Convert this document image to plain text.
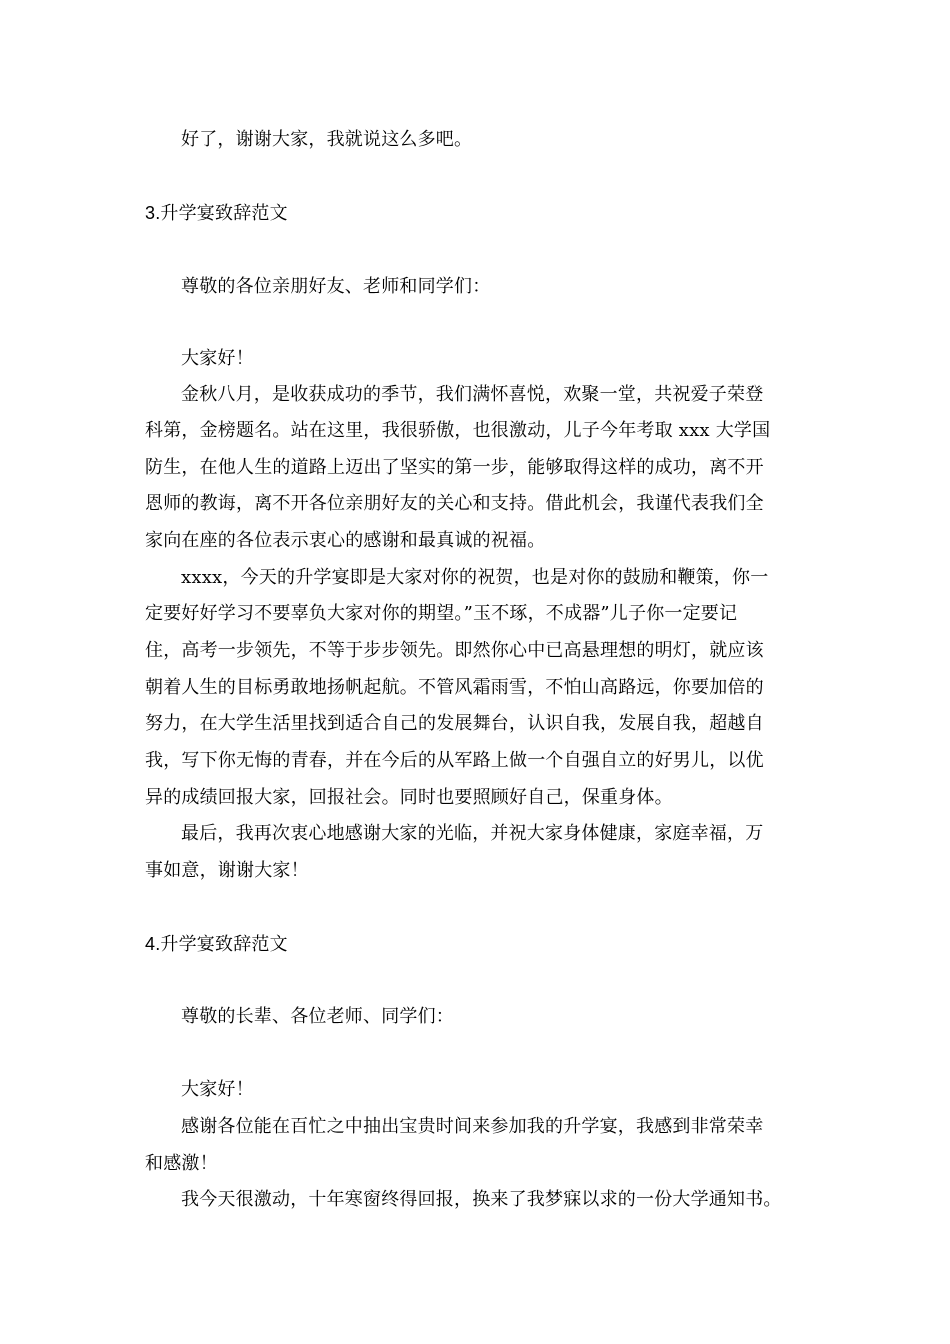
好了，谢谢大家，我就说这么多吧。
3.升学宴致辞范文
尊敬的各位亲朋好友、老师和同学们：
大家好！
金秋八月，是收获成功的季节，我们满怀喜悦，欢聚一堂，共祝爱子荣登
科第，金榜题名。站在这里，我很骄傲，也很激动，儿子今年考取 xxx 大学国
防生，在他人生的道路上迈出了坚实的第一步，能够取得这样的成功，离不开
恩师的教诲，离不开各位亲朋好友的关心和支持。借此机会，我谨代表我们全
家向在座的各位表示衷心的感谢和最真诚的祝福。
xxxx，今天的升学宴即是大家对你的祝贺，也是对你的鼓励和鞭策，你一
定要好好学习不要辜负大家对你的期望。”玉不琢，不成器”儿子你一定要记
住，高考一步领先，不等于步步领先。即然你心中已高悬理想的明灯，就应该
朝着人生的目标勇敢地扬帆起航。不管风霜雨雪，不怕山高路远，你要加倍的
努力，在大学生活里找到适合自己的发展舞台，认识自我，发展自我，超越自
我，写下你无悔的青春，并在今后的从军路上做一个自强自立的好男儿，以优
异的成绩回报大家，回报社会。同时也要照顾好自己，保重身体。
最后，我再次衷心地感谢大家的光临，并祝大家身体健康，家庭幸福，万
事如意，谢谢大家！
4.升学宴致辞范文
尊敬的长辈、各位老师、同学们：
大家好！
感谢各位能在百忙之中抽出宝贵时间来参加我的升学宴，我感到非常荣幸
和感激！
我今天很激动，十年寒窗终得回报，换来了我梦寐以求的一份大学通知书。
